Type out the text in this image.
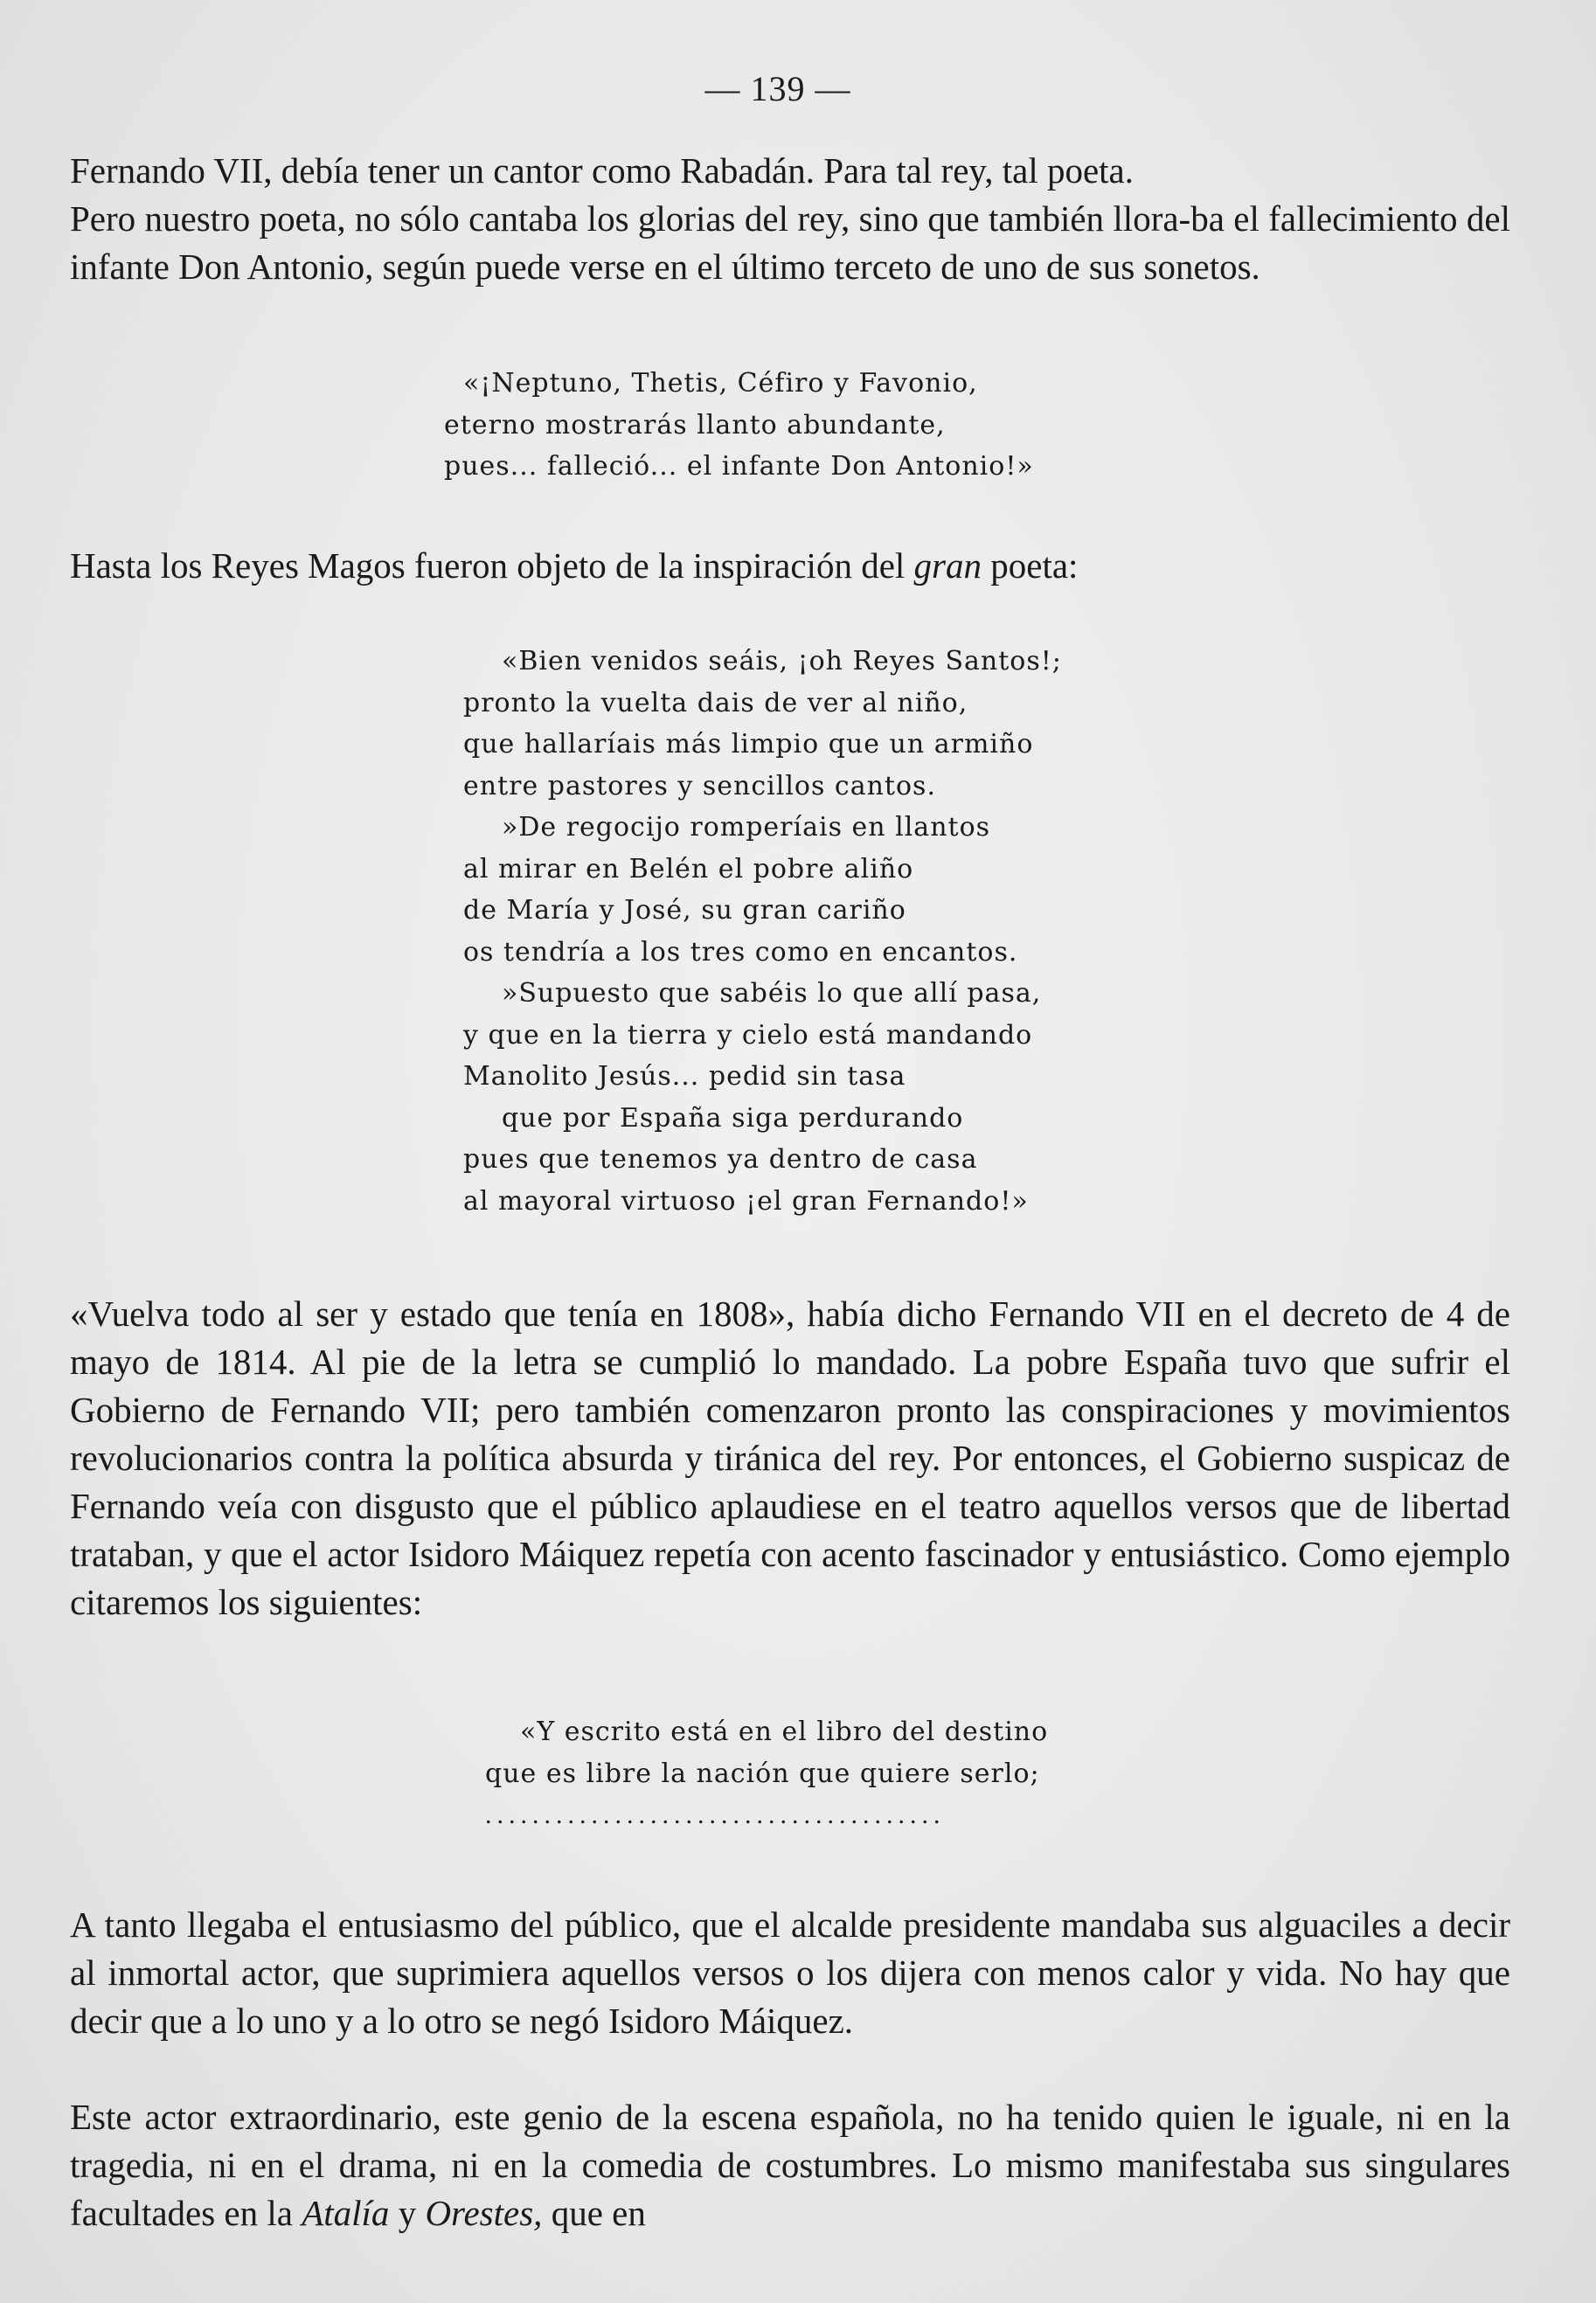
— 139 —

Fernando VII, debía tener un cantor como Rabadán. Para tal rey, tal poeta.

Pero nuestro poeta, no sólo cantaba los glorias del rey, sino que también llora-ba el fallecimiento del infante Don Antonio, según puede verse en el último terceto de uno de sus sonetos.

«¡Neptuno, Thetis, Céfiro y Favonio,
eterno mostrarás llanto abundante,
pues... falleció... el infante Don Antonio!»

Hasta los Reyes Magos fueron objeto de la inspiración del gran poeta:

«Bien venidos seáis, ¡oh Reyes Santos!;
pronto la vuelta dais de ver al niño,
que hallaríais más limpio que un armiño
entre pastores y sencillos cantos.
»De regocijo romperíais en llantos
al mirar en Belén el pobre aliño
de María y José, su gran cariño
os tendría a los tres como en encantos.
»Supuesto que sabéis lo que allí pasa,
y que en la tierra y cielo está mandando
Manolito Jesús... pedid sin tasa
que por España siga perdurando
pues que tenemos ya dentro de casa
al mayoral virtuoso ¡el gran Fernando!»

«Vuelva todo al ser y estado que tenía en 1808», había dicho Fernando VII en el decreto de 4 de mayo de 1814. Al pie de la letra se cumplió lo mandado. La pobre España tuvo que sufrir el Gobierno de Fernando VII; pero también comenzaron pronto las conspiraciones y movimientos revolucionarios contra la política absurda y tiránica del rey. Por entonces, el Gobierno suspicaz de Fernando veía con disgusto que el público aplaudiese en el teatro aquellos versos que de libertad trataban, y que el actor Isidoro Máiquez repetía con acento fascinador y entusiástico. Como ejemplo citaremos los siguientes:

«Y escrito está en el libro del destino
que es libre la nación que quiere serlo;
.......................................

A tanto llegaba el entusiasmo del público, que el alcalde presidente mandaba sus alguaciles a decir al inmortal actor, que suprimiera aquellos versos o los dijera con menos calor y vida. No hay que decir que a lo uno y a lo otro se negó Isidoro Máiquez.

Este actor extraordinario, este genio de la escena española, no ha tenido quien le iguale, ni en la tragedia, ni en el drama, ni en la comedia de costumbres. Lo mismo manifestaba sus singulares facultades en la Atalía y Orestes, que en
